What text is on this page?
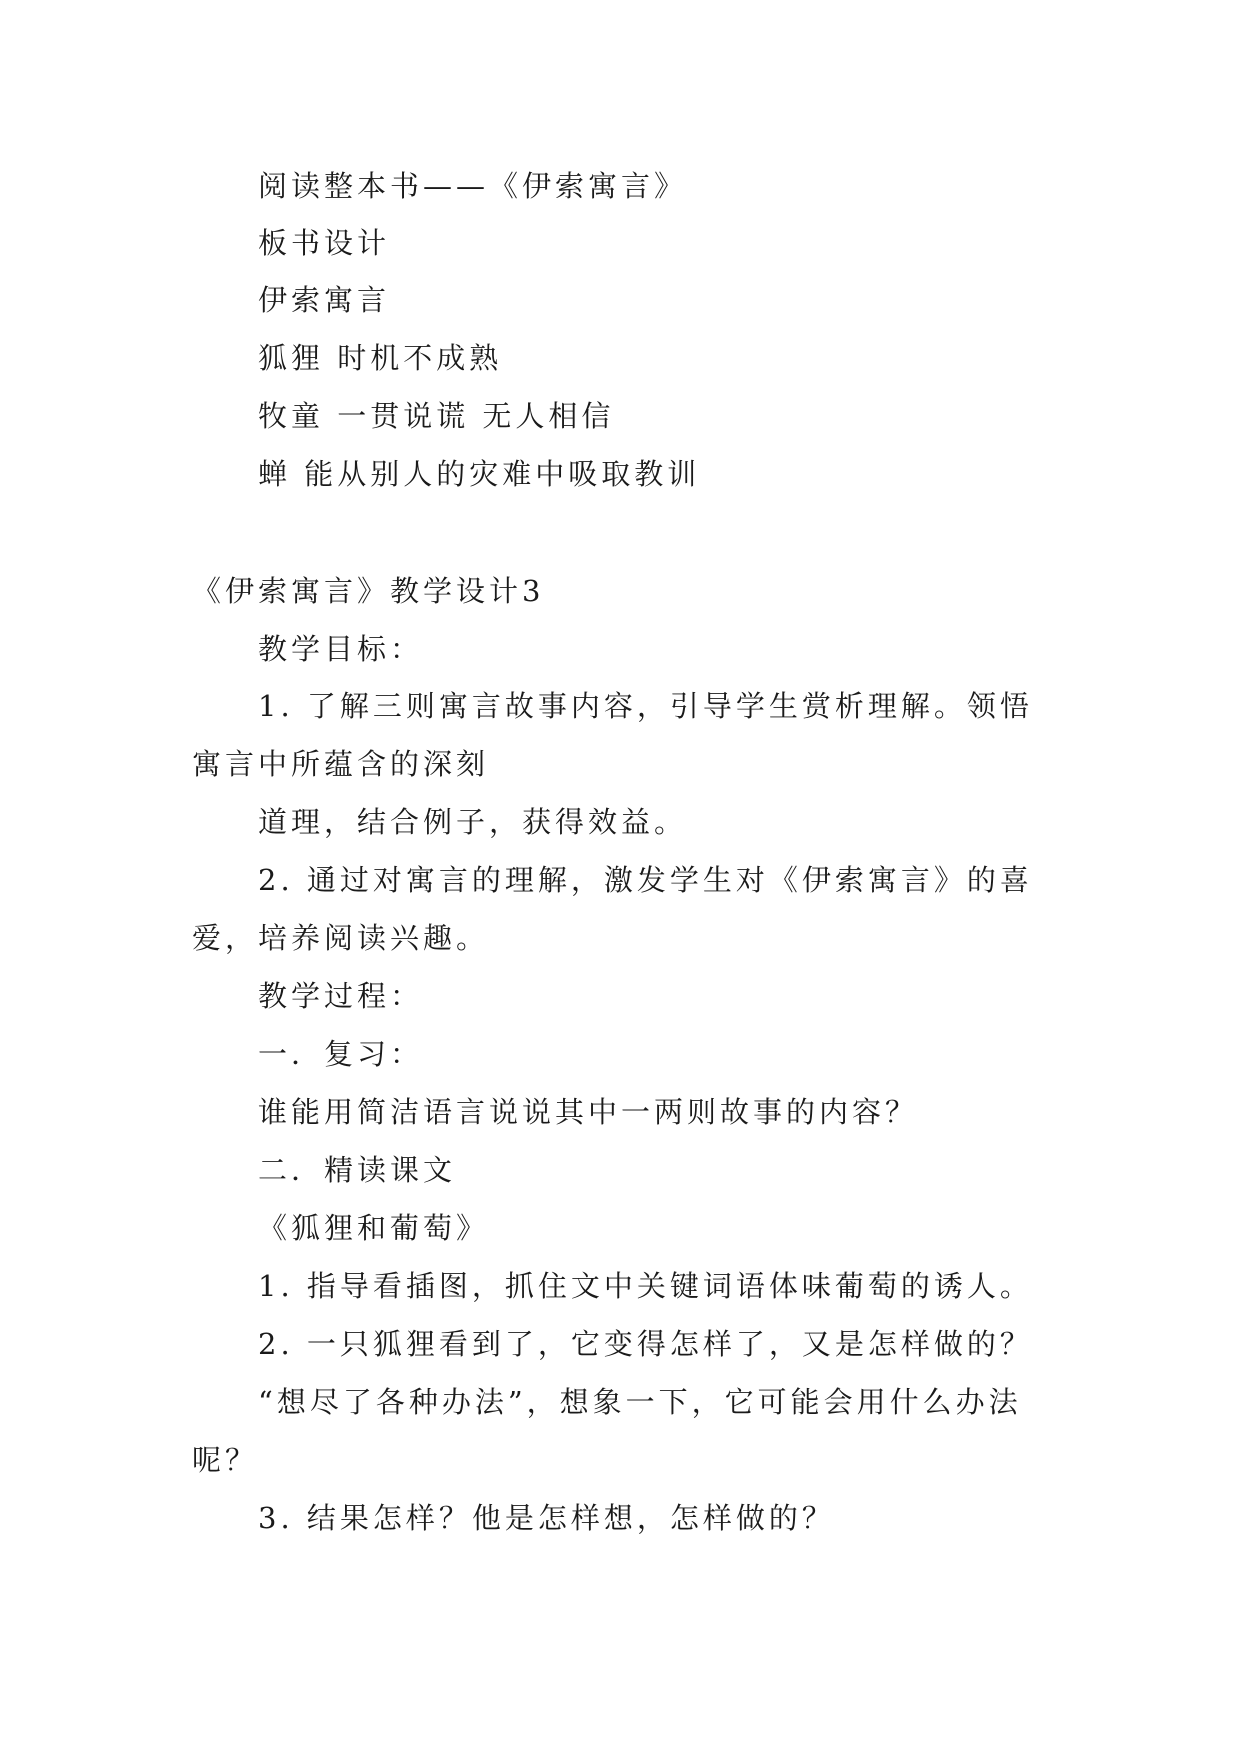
阅读整本书——《伊索寓言》
板书设计
伊索寓言
狐狸 时机不成熟
牧童 一贯说谎 无人相信
蝉 能从别人的灾难中吸取教训
《伊索寓言》教学设计3
教学目标：
1. 了解三则寓言故事内容，引导学生赏析理解。领悟
寓言中所蕴含的深刻
道理，结合例子，获得效益。
2. 通过对寓言的理解，激发学生对《伊索寓言》的喜
爱，培养阅读兴趣。
教学过程：
一．复习：
谁能用简洁语言说说其中一两则故事的内容？
二．精读课文
《狐狸和葡萄》
1. 指导看插图，抓住文中关键词语体味葡萄的诱人。
2. 一只狐狸看到了，它变得怎样了，又是怎样做的？
“想尽了各种办法”，想象一下，它可能会用什么办法
呢？
3. 结果怎样？他是怎样想，怎样做的？
